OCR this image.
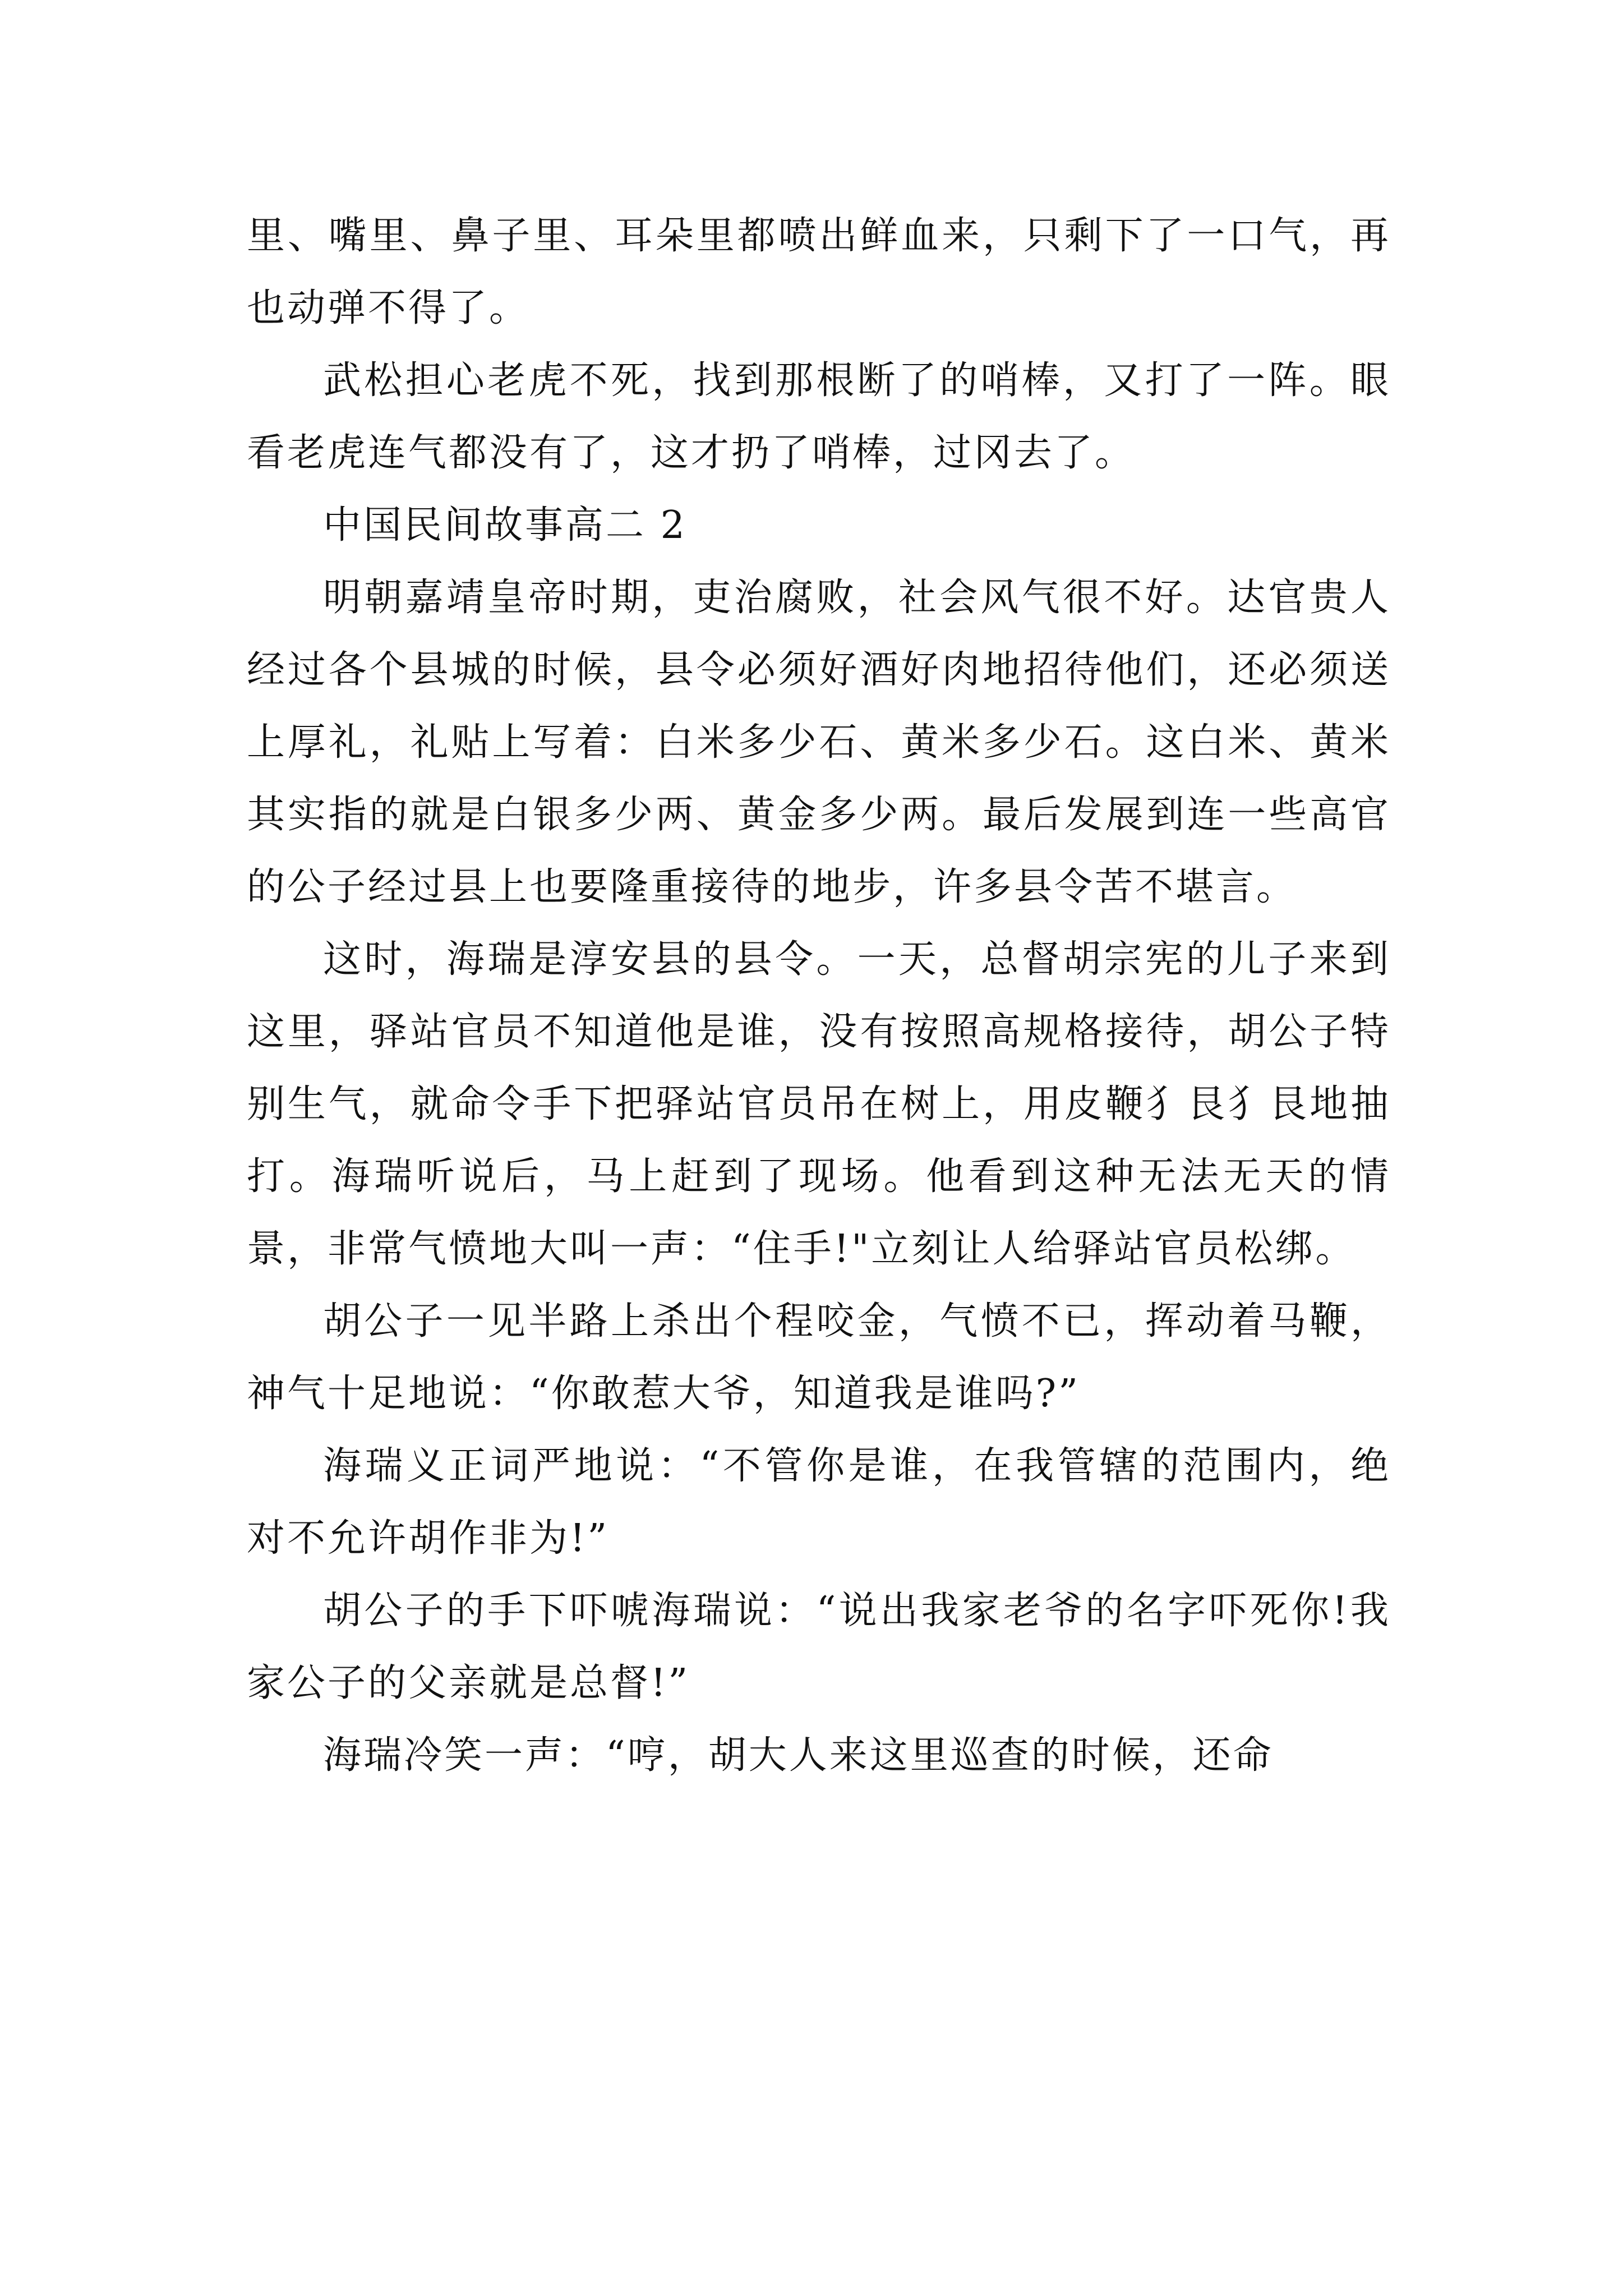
里、嘴里、鼻子里、耳朵里都喷出鲜血来，只剩下了一口气，再也动弹不得了。

武松担心老虎不死，找到那根断了的哨棒，又打了一阵。眼看老虎连气都没有了，这才扔了哨棒，过冈去了。

中国民间故事高二 2

明朝嘉靖皇帝时期，吏治腐败，社会风气很不好。达官贵人经过各个县城的时候，县令必须好酒好肉地招待他们，还必须送上厚礼，礼贴上写着：白米多少石、黄米多少石。这白米、黄米其实指的就是白银多少两、黄金多少两。最后发展到连一些高官的公子经过县上也要隆重接待的地步，许多县令苦不堪言。

这时，海瑞是淳安县的县令。一天，总督胡宗宪的儿子来到这里，驿站官员不知道他是谁，没有按照高规格接待，胡公子特别生气，就命令手下把驿站官员吊在树上，用皮鞭犭艮犭艮地抽打。海瑞听说后，马上赶到了现场。他看到这种无法无天的情景，非常气愤地大叫一声：“住手!"立刻让人给驿站官员松绑。

胡公子一见半路上杀出个程咬金，气愤不已，挥动着马鞭，神气十足地说：“你敢惹大爷，知道我是谁吗?”

海瑞义正词严地说：“不管你是谁，在我管辖的范围内，绝对不允许胡作非为!”

胡公子的手下吓唬海瑞说：“说出我家老爷的名字吓死你!我家公子的父亲就是总督!”

海瑞冷笑一声：“哼，胡大人来这里巡查的时候，还命
